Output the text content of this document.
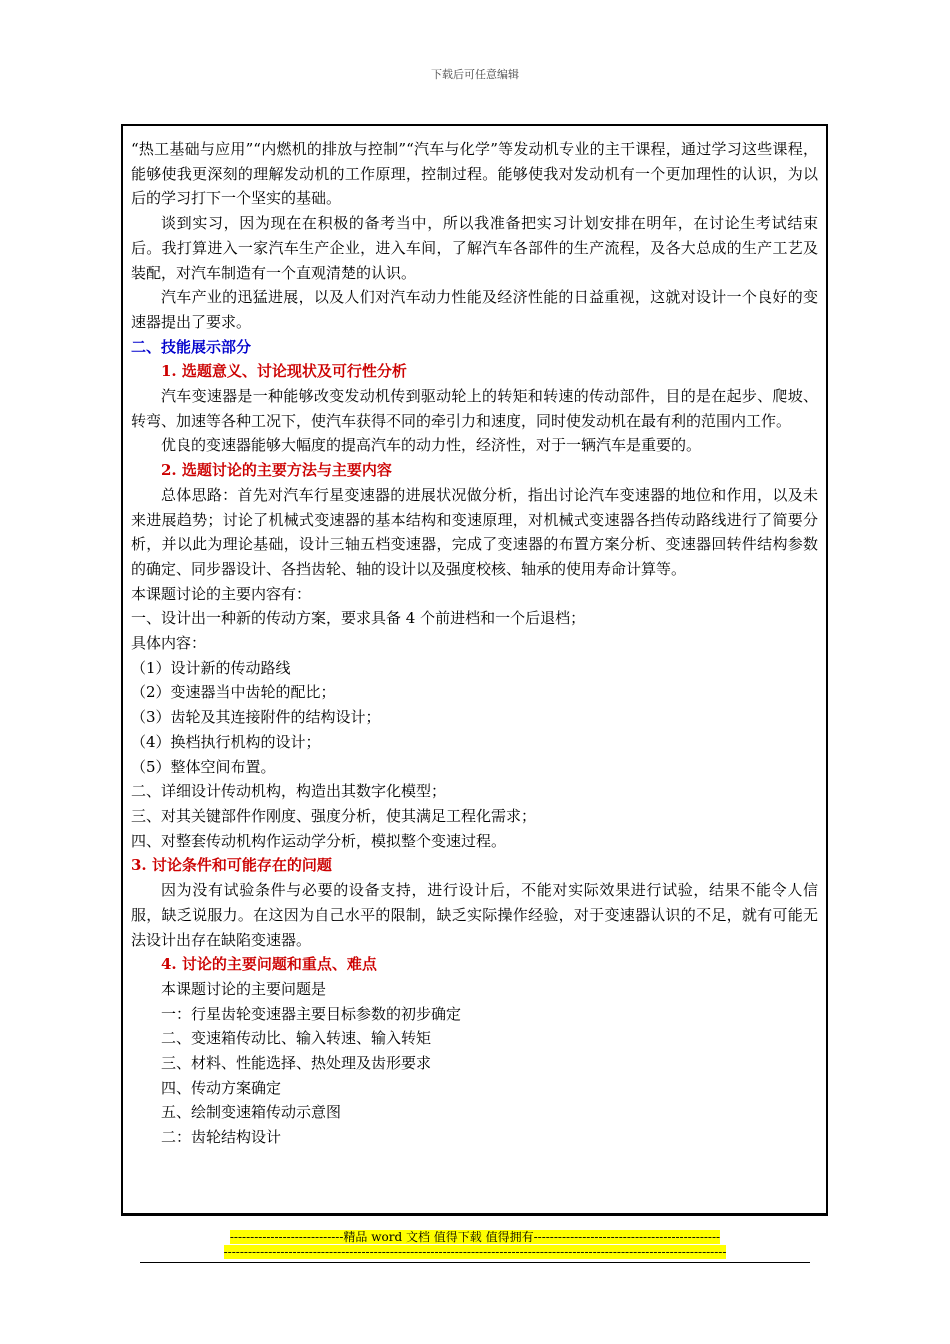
下载后可任意编辑

“热工基础与应用”“内燃机的排放与控制”“汽车与化学”等发动机专业的主干课程，通过学习这些课程，能够使我更深刻的理解发动机的工作原理，控制过程。能够使我对发动机有一个更加理性的认识，为以后的学习打下一个坚实的基础。

谈到实习，因为现在在积极的备考当中，所以我准备把实习计划安排在明年，在讨论生考试结束后。我打算进入一家汽车生产企业，进入车间，了解汽车各部件的生产流程，及各大总成的生产工艺及装配，对汽车制造有一个直观清楚的认识。

汽车产业的迅猛进展，以及人们对汽车动力性能及经济性能的日益重视，这就对设计一个良好的变速器提出了要求。

二、技能展示部分

1. 选题意义、讨论现状及可行性分析

汽车变速器是一种能够改变发动机传到驱动轮上的转矩和转速的传动部件，目的是在起步、爬坡、转弯、加速等各种工况下，使汽车获得不同的牵引力和速度，同时使发动机在最有利的范围内工作。

优良的变速器能够大幅度的提高汽车的动力性，经济性，对于一辆汽车是重要的。

2. 选题讨论的主要方法与主要内容

总体思路：首先对汽车行星变速器的进展状况做分析，指出讨论汽车变速器的地位和作用，以及未来进展趋势；讨论了机械式变速器的基本结构和变速原理，对机械式变速器各挡传动路线进行了简要分析，并以此为理论基础，设计三轴五档变速器，完成了变速器的布置方案分析、变速器回转件结构参数的确定、同步器设计、各挡齿轮、轴的设计以及强度校核、轴承的使用寿命计算等。

本课题讨论的主要内容有：

一、设计出一种新的传动方案，要求具备 4 个前进档和一个后退档；

具体内容：

（1）设计新的传动路线

（2）变速器当中齿轮的配比；

（3）齿轮及其连接附件的结构设计；

（4）换档执行机构的设计；

（5）整体空间布置。

二、详细设计传动机构，构造出其数字化模型；

三、对其关键部件作刚度、强度分析，使其满足工程化需求；

四、对整套传动机构作运动学分析，模拟整个变速过程。

3. 讨论条件和可能存在的问题

因为没有试验条件与必要的设备支持，进行设计后，不能对实际效果进行试验，结果不能令人信服，缺乏说服力。在这因为自己水平的限制，缺乏实际操作经验，对于变速器认识的不足，就有可能无法设计出存在缺陷变速器。

4. 讨论的主要问题和重点、难点

本课题讨论的主要问题是

一：行星齿轮变速器主要目标参数的初步确定

二、变速箱传动比、输入转速、输入转矩

三、材料、性能选择、热处理及齿形要求

四、传动方案确定

五、绘制变速箱传动示意图

二：齿轮结构设计

----------------------------精品 word 文档 值得下载 值得拥有----------------------------------------------
----------------------------------------------------------------------------------------------------------------------------
